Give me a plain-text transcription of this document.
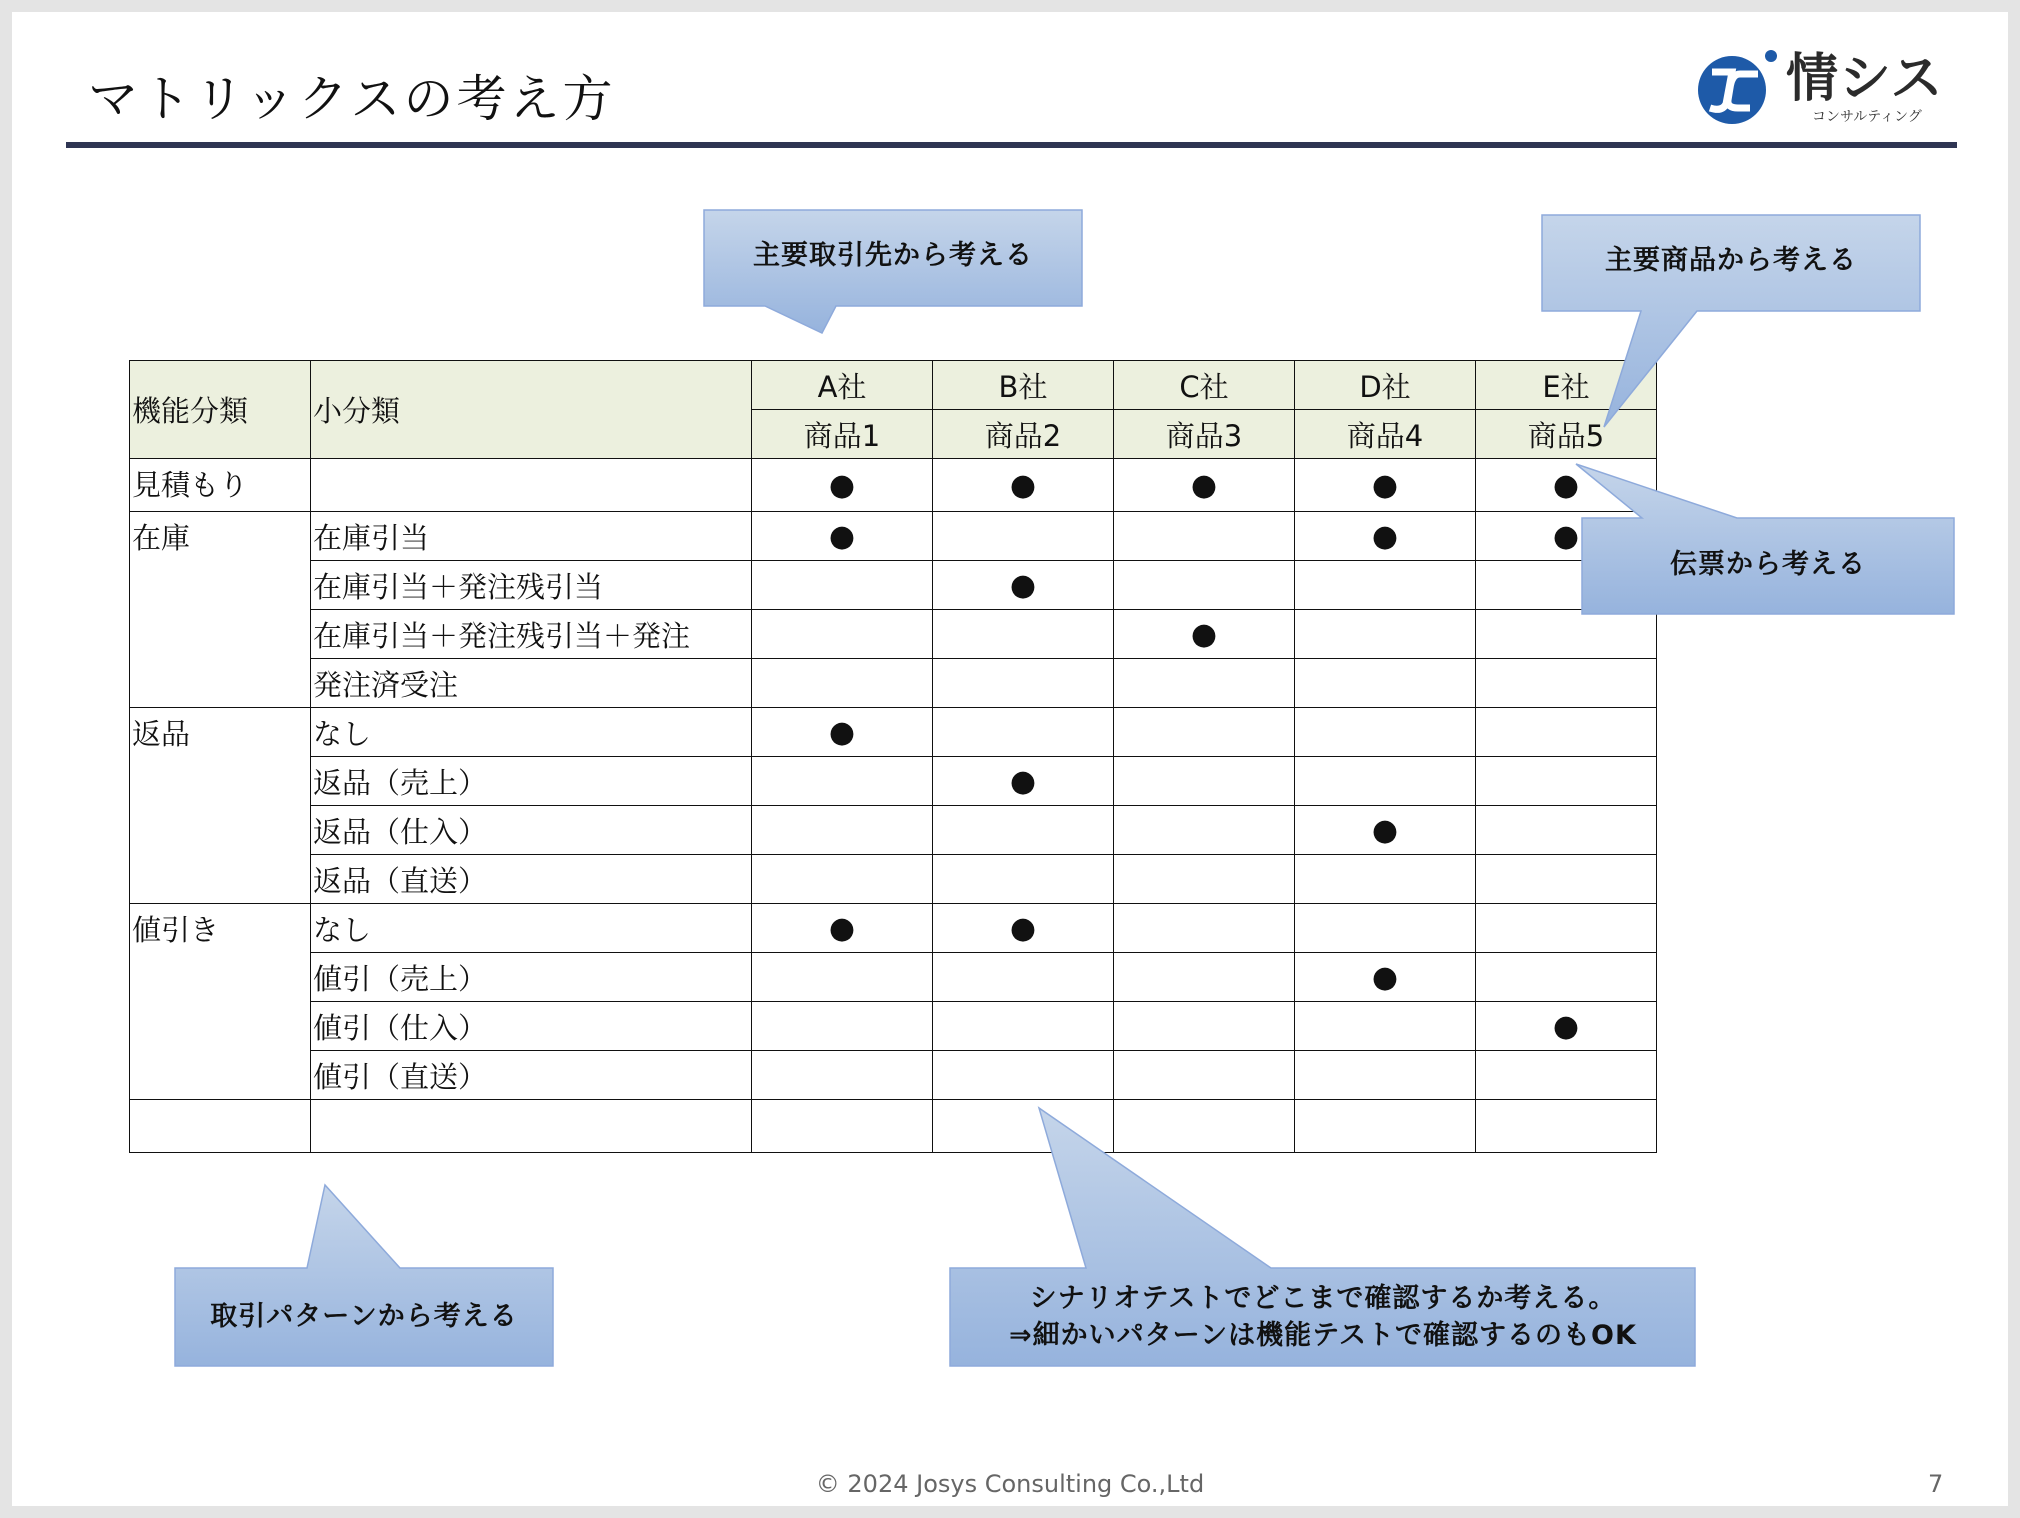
マトリックスの考え方	情シス
コンサルティング
機能分類	小分類	A社	B社	C社	D社	E社
		商品1	商品2	商品3	商品4	商品5
見積もり		●	●	●	●	●
在庫	在庫引当	●			●	●
	在庫引当＋発注残引当		●			
	在庫引当＋発注残引当＋発注			●		
	発注済受注					
返品	なし	●				
	返品（売上）		●			
	返品（仕入）				●	
	返品（直送）					
値引き	なし	●	●			
	値引（売上）				●	
	値引（仕入）					●
	値引（直送）					

主要取引先から考える	主要商品から考える
伝票から考える
取引パターンから考える
シナリオテストでどこまで確認するか考える。
⇒細かいパターンは機能テストで確認するのもOK
© 2024 Josys Consulting Co.,Ltd	7
